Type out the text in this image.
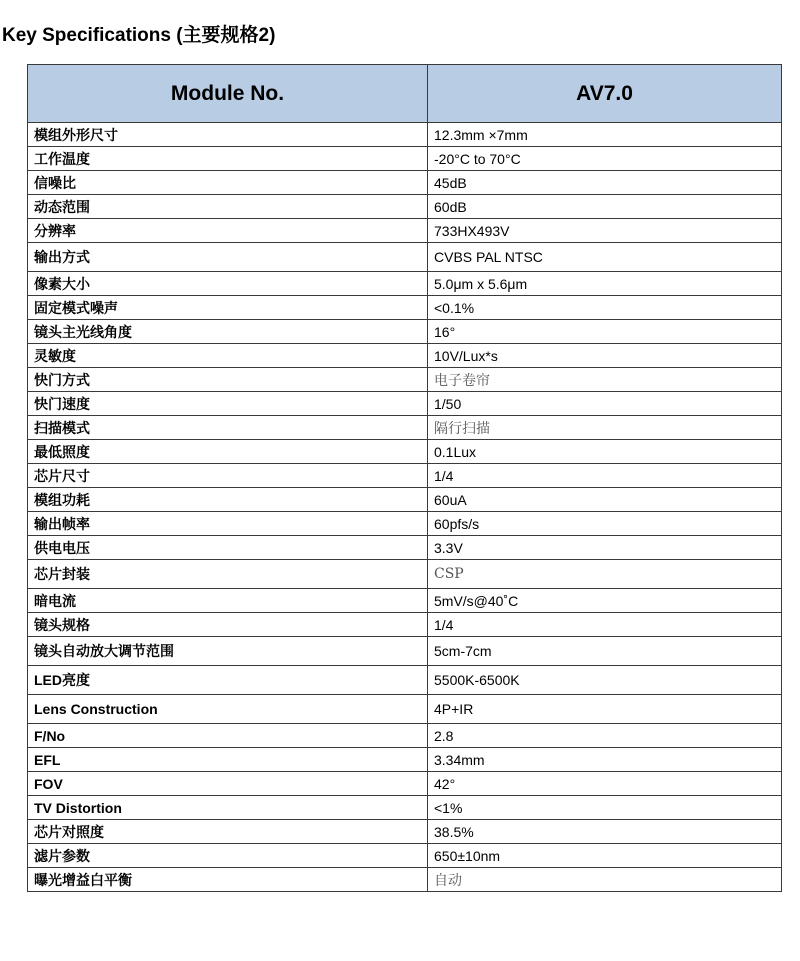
Key Specifications (主要规格2)
Module No.	AV7.0
模组外形尺寸	12.3mm ×7mm
工作温度	-20°C to 70°C
信噪比	45dB
动态范围	60dB
分辨率	733HX493V
输出方式	CVBS PAL NTSC
像素大小	5.0μm x 5.6μm
固定模式噪声	<0.1%
镜头主光线角度	16°
灵敏度	10V/Lux*s
快门方式	电子卷帘
快门速度	1/50
扫描模式	隔行扫描
最低照度	0.1Lux
芯片尺寸	1/4
模组功耗	60uA
输出帧率	60pfs/s
供电电压	3.3V
芯片封装	CSP
暗电流	5mV/s@40˚C
镜头规格	1/4
镜头自动放大调节范围	5cm-7cm
LED亮度	5500K-6500K
Lens Construction	4P+IR
F/No	2.8
EFL	3.34mm
FOV	42°
TV Distortion	<1%
芯片对照度	38.5%
滤片参数	650±10nm
曝光增益白平衡	自动
